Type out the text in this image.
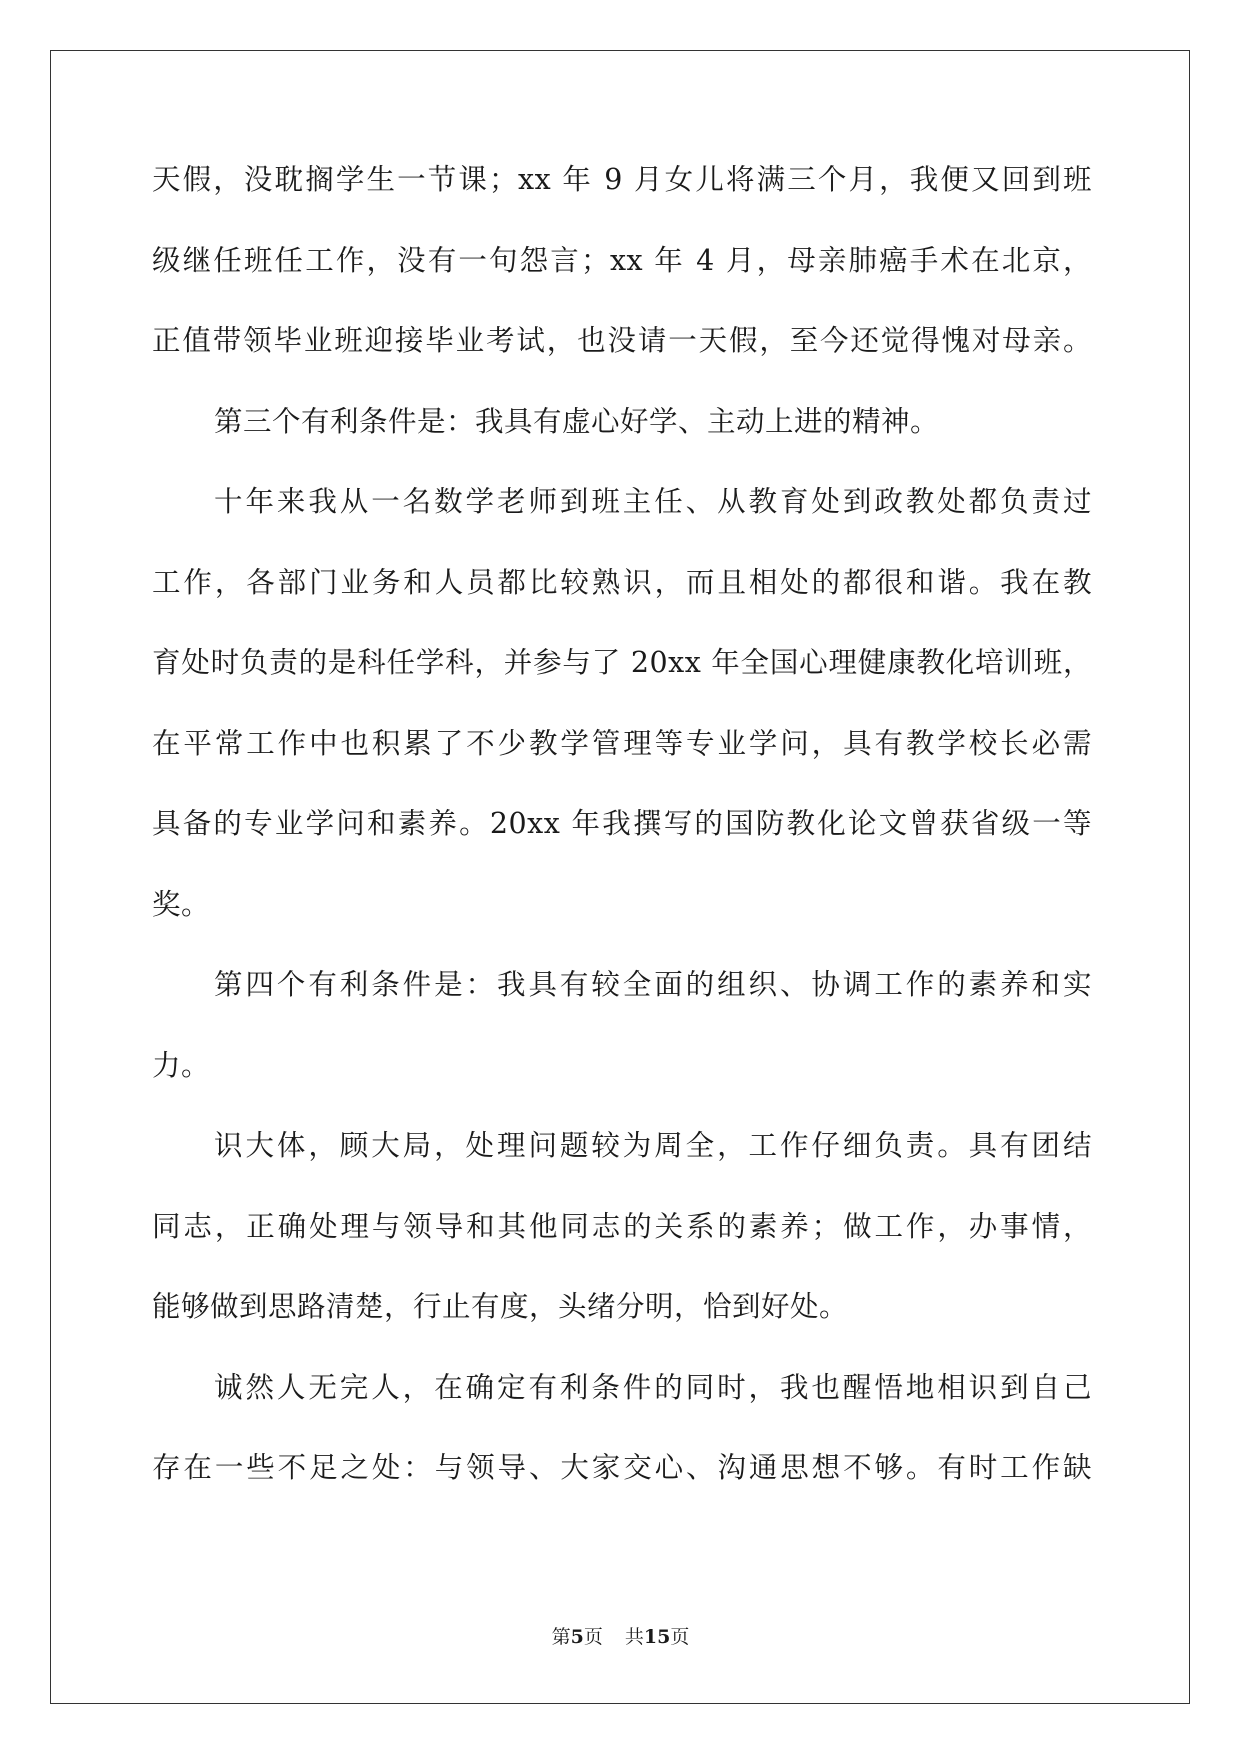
天假，没耽搁学生一节课；xx 年 9 月女儿将满三个月，我便又回到班
级继任班任工作，没有一句怨言；xx 年 4 月，母亲肺癌手术在北京，
正值带领毕业班迎接毕业考试，也没请一天假，至今还觉得愧对母亲。
第三个有利条件是：我具有虚心好学、主动上进的精神。
十年来我从一名数学老师到班主任、从教育处到政教处都负责过
工作，各部门业务和人员都比较熟识，而且相处的都很和谐。我在教
育处时负责的是科任学科，并参与了 20xx 年全国心理健康教化培训班，
在平常工作中也积累了不少教学管理等专业学问，具有教学校长必需
具备的专业学问和素养。20xx 年我撰写的国防教化论文曾获省级一等
奖。
第四个有利条件是：我具有较全面的组织、协调工作的素养和实
力。
识大体，顾大局，处理问题较为周全，工作仔细负责。具有团结
同志，正确处理与领导和其他同志的关系的素养；做工作，办事情，
能够做到思路清楚，行止有度，头绪分明，恰到好处。
诚然人无完人，在确定有利条件的同时，我也醒悟地相识到自己
存在一些不足之处：与领导、大家交心、沟通思想不够。有时工作缺
第5页 共15页
